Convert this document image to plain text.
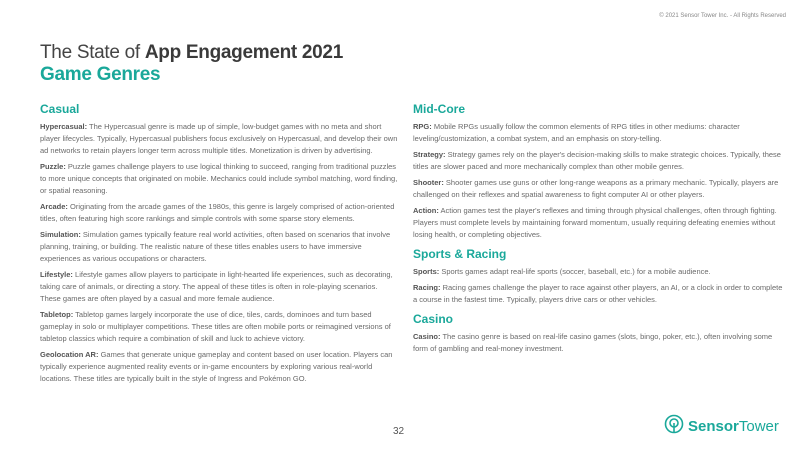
© 2021 Sensor Tower Inc. - All Rights Reserved
The State of App Engagement 2021
Game Genres
Casual

Hypercasual: The Hypercasual genre is made up of simple, low-budget games with no meta and short player lifecycles. Typically, Hypercasual publishers focus exclusively on Hypercasual, and develop their own ad networks to retain players longer term across multiple titles. Monetization is driven by advertising.

Puzzle: Puzzle games challenge players to use logical thinking to succeed, ranging from traditional puzzles to more unique concepts that originated on mobile. Mechanics could include symbol matching, word finding, or spatial reasoning.

Arcade: Originating from the arcade games of the 1980s, this genre is largely comprised of action-oriented titles, often featuring high score rankings and simple controls with some sparse story elements.

Simulation: Simulation games typically feature real world activities, often based on scenarios that involve planning, training, or building. The realistic nature of these titles enables users to have immersive experiences as various occupations or characters.

Lifestyle: Lifestyle games allow players to participate in light-hearted life experiences, such as decorating, taking care of animals, or directing a story. The appeal of these titles is often in role-playing scenarios. These games are often played by a casual and more female audience.

Tabletop: Tabletop games largely incorporate the use of dice, tiles, cards, dominoes and turn based gameplay in solo or multiplayer competitions. These titles are often mobile ports or reimagined versions of tabletop classics which require a combination of skill and luck to achieve victory.

Geolocation AR: Games that generate unique gameplay and content based on user location. Players can typically experience augmented reality events or in-game encounters by exploring various real-world locations. These titles are typically built in the style of Ingress and Pokémon GO.

Mid-Core

RPG: Mobile RPGs usually follow the common elements of RPG titles in other mediums: character leveling/customization, a combat system, and an emphasis on story-telling.

Strategy: Strategy games rely on the player's decision-making skills to make strategic choices. Typically, these titles are slower paced and more mechanically complex than other mobile genres.

Shooter: Shooter games use guns or other long-range weapons as a primary mechanic. Typically, players are challenged on their reflexes and spatial awareness to fight computer AI or other players.

Action: Action games test the player's reflexes and timing through physical challenges, often through fighting. Players must complete levels by maintaining forward momentum, usually requiring defeating enemies without losing health, or completing objectives.

Sports & Racing

Sports: Sports games adapt real-life sports (soccer, baseball, etc.) for a mobile audience.

Racing: Racing games challenge the player to race against other players, an AI, or a clock in order to complete a course in the fastest time. Typically, players drive cars or other vehicles.

Casino

Casino: The casino genre is based on real-life casino games (slots, bingo, poker, etc.), often involving some form of gambling and real-money investment.

32	SensorTower
